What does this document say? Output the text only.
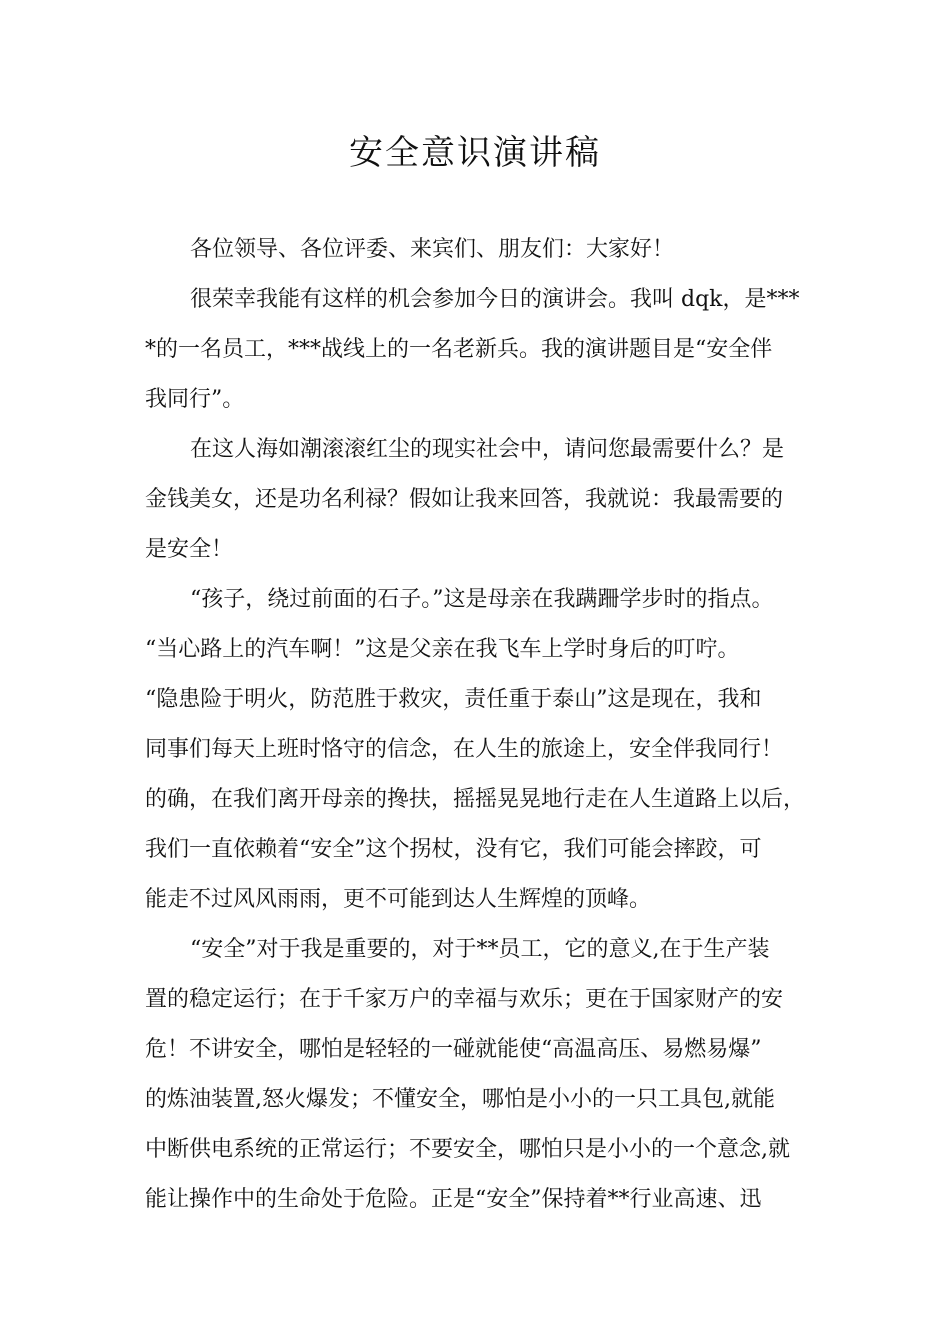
安全意识演讲稿
各位领导、各位评委、来宾们、朋友们：大家好！
很荣幸我能有这样的机会参加今日的演讲会。我叫 dqk，是***
*的一名员工，***战线上的一名老新兵。我的演讲题目是“安全伴
我同行”。
在这人海如潮滚滚红尘的现实社会中，请问您最需要什么？是
金钱美女，还是功名利禄？假如让我来回答，我就说：我最需要的
是安全！
“孩子，绕过前面的石子。”这是母亲在我蹒跚学步时的指点。
“当心路上的汽车啊！”这是父亲在我飞车上学时身后的叮咛。
“隐患险于明火，防范胜于救灾，责任重于泰山”这是现在，我和
同事们每天上班时恪守的信念，在人生的旅途上，安全伴我同行！
的确，在我们离开母亲的搀扶，摇摇晃晃地行走在人生道路上以后，
我们一直依赖着“安全”这个拐杖，没有它，我们可能会摔跤，可
能走不过风风雨雨，更不可能到达人生辉煌的顶峰。
“安全”对于我是重要的，对于**员工，它的意义,在于生产装
置的稳定运行；在于千家万户的幸福与欢乐；更在于国家财产的安
危！不讲安全，哪怕是轻轻的一碰就能使“高温高压、易燃易爆”
的炼油装置,怒火爆发；不懂安全，哪怕是小小的一只工具包,就能
中断供电系统的正常运行；不要安全，哪怕只是小小的一个意念,就
能让操作中的生命处于危险。正是“安全”保持着**行业高速、迅
